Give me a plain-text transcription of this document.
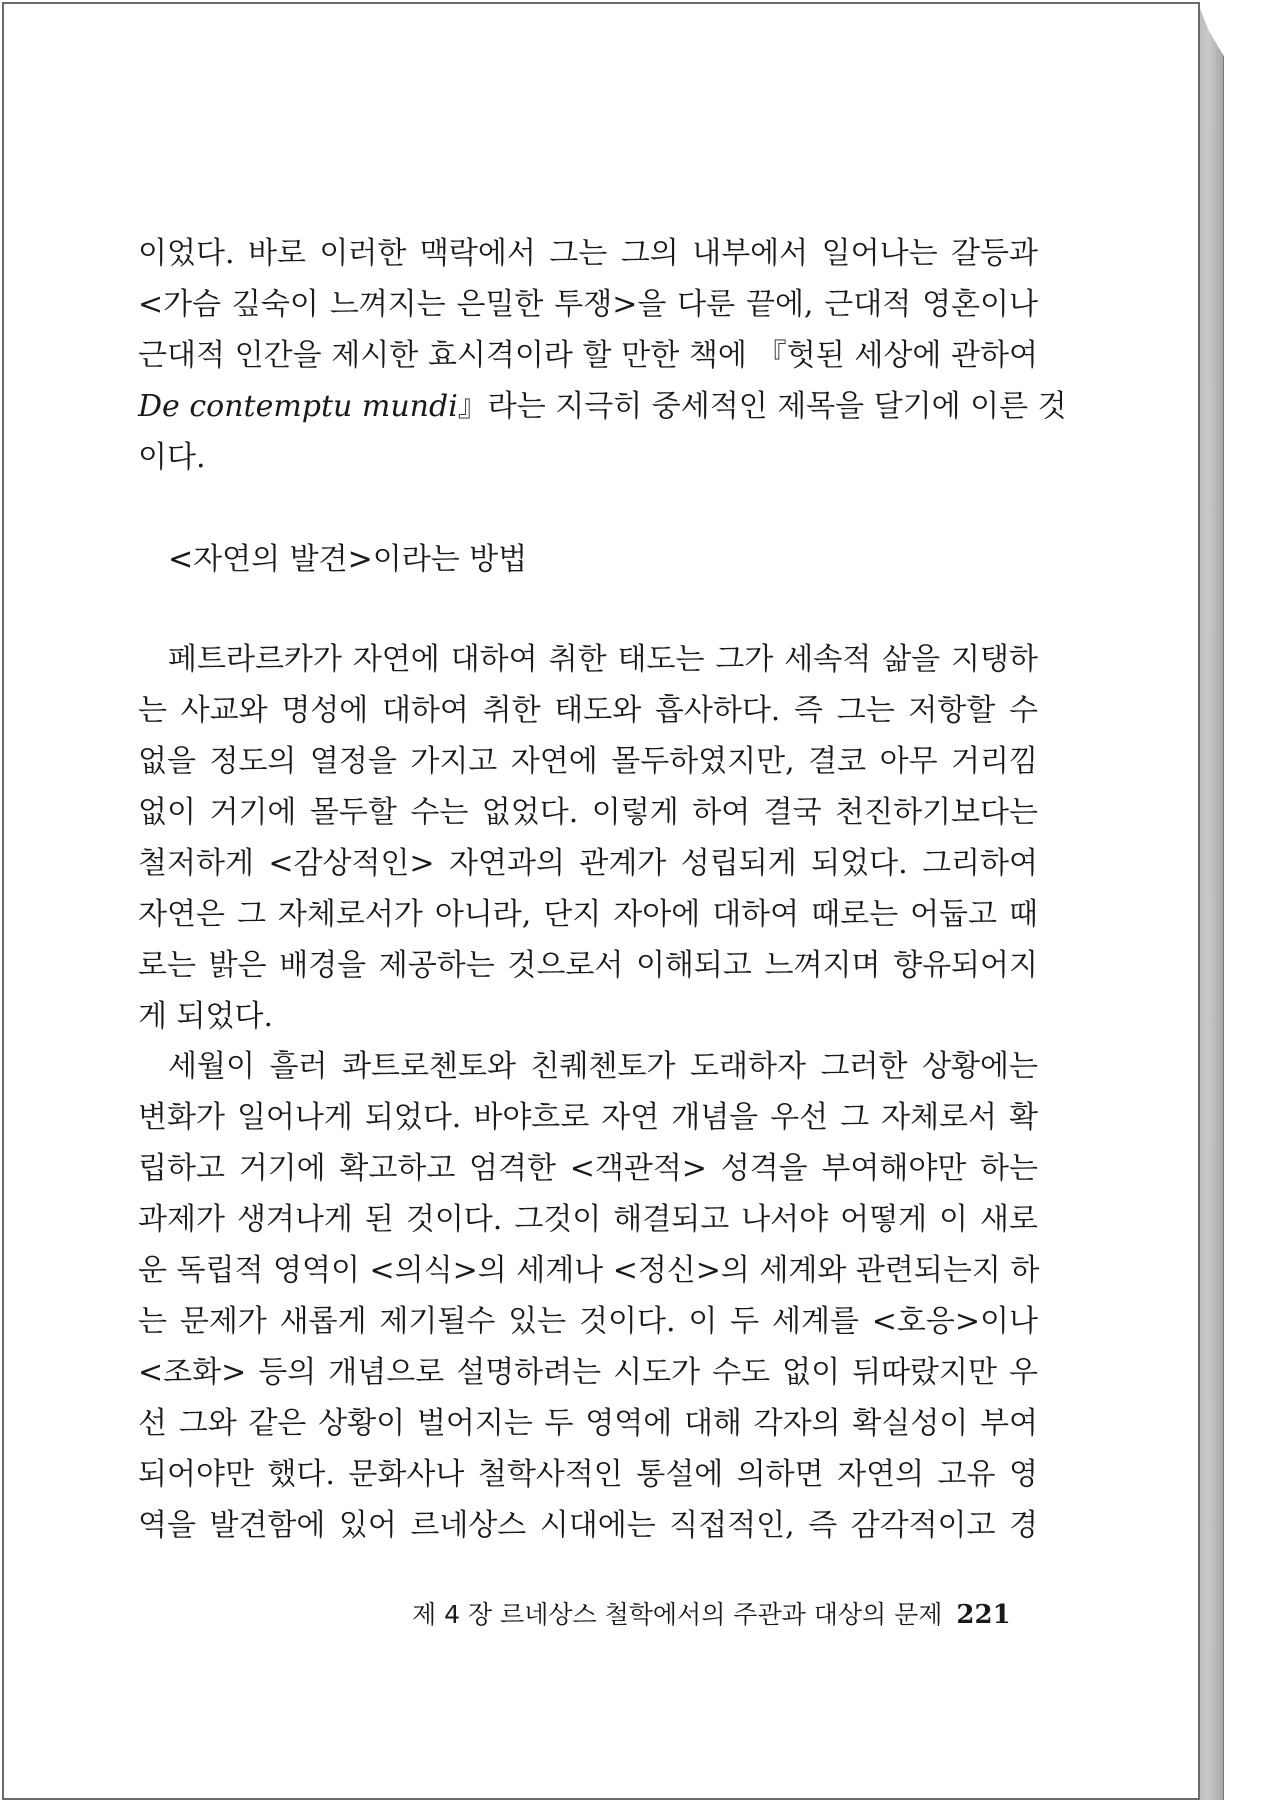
이었다. 바로 이러한 맥락에서 그는 그의 내부에서 일어나는 갈등과
<가슴 깊숙이 느껴지는 은밀한 투쟁>을 다룬 끝에, 근대적 영혼이나
근대적 인간을 제시한 효시격이라 할 만한 책에 『헛된 세상에 관하여
De contemptu mundi』라는 지극히 중세적인 제목을 달기에 이른 것
이다.
<자연의 발견>이라는 방법
페트라르카가 자연에 대하여 취한 태도는 그가 세속적 삶을 지탱하
는 사교와 명성에 대하여 취한 태도와 흡사하다. 즉 그는 저항할 수
없을 정도의 열정을 가지고 자연에 몰두하였지만, 결코 아무 거리낌
없이 거기에 몰두할 수는 없었다. 이렇게 하여 결국 천진하기보다는
철저하게 <감상적인> 자연과의 관계가 성립되게 되었다. 그리하여
자연은 그 자체로서가 아니라, 단지 자아에 대하여 때로는 어둡고 때
로는 밝은 배경을 제공하는 것으로서 이해되고 느껴지며 향유되어지
게 되었다.
세월이 흘러 콰트로첸토와 친퀘첸토가 도래하자 그러한 상황에는
변화가 일어나게 되었다. 바야흐로 자연 개념을 우선 그 자체로서 확
립하고 거기에 확고하고 엄격한 <객관적> 성격을 부여해야만 하는
과제가 생겨나게 된 것이다. 그것이 해결되고 나서야 어떻게 이 새로
운 독립적 영역이 <의식>의 세계나 <정신>의 세계와 관련되는지 하
는 문제가 새롭게 제기될수 있는 것이다. 이 두 세계를 <호응>이나
<조화> 등의 개념으로 설명하려는 시도가 수도 없이 뒤따랐지만 우
선 그와 같은 상황이 벌어지는 두 영역에 대해 각자의 확실성이 부여
되어야만 했다. 문화사나 철학사적인 통설에 의하면 자연의 고유 영
역을 발견함에 있어 르네상스 시대에는 직접적인, 즉 감각적이고 경
제 4 장 르네상스 철학에서의 주관과 대상의 문제 221
